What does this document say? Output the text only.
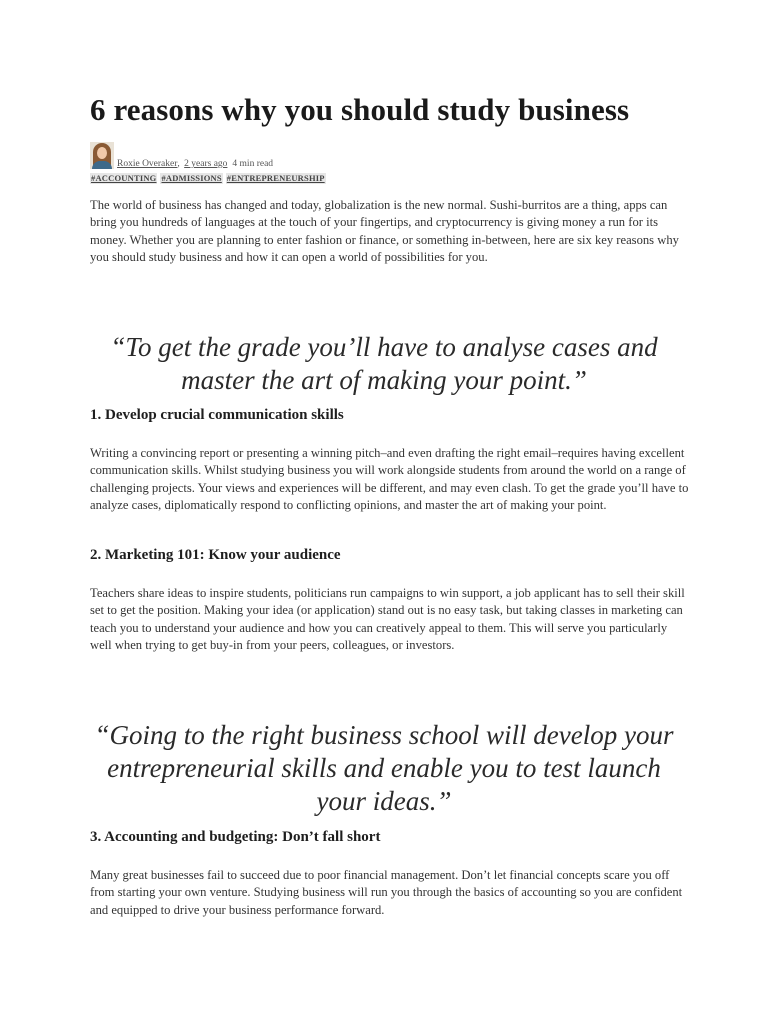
6 reasons why you should study business
Roxie Overaker , 2 years ago 4 min read
#ACCOUNTING #ADMISSIONS #ENTREPRENEURSHIP

The world of business has changed and today, globalization is the new normal. Sushi-burritos are a thing, apps can bring you hundreds of languages at the touch of your fingertips, and cryptocurrency is giving money a run for its money. Whether you are planning to enter fashion or finance, or something in-between, here are six key reasons why you should study business and how it can open a world of possibilities for you.

“To get the grade you’ll have to analyse cases and master the art of making your point.”

1. Develop crucial communication skills

Writing a convincing report or presenting a winning pitch–and even drafting the right email–requires having excellent communication skills. Whilst studying business you will work alongside students from around the world on a range of challenging projects. Your views and experiences will be different, and may even clash. To get the grade you’ll have to analyze cases, diplomatically respond to conflicting opinions, and master the art of making your point.

2. Marketing 101: Know your audience

Teachers share ideas to inspire students, politicians run campaigns to win support, a job applicant has to sell their skill set to get the position. Making your idea (or application) stand out is no easy task, but taking classes in marketing can teach you to understand your audience and how you can creatively appeal to them. This will serve you particularly well when trying to get buy-in from your peers, colleagues, or investors.

“Going to the right business school will develop your entrepreneurial skills and enable you to test launch your ideas.”

3. Accounting and budgeting: Don’t fall short

Many great businesses fail to succeed due to poor financial management. Don’t let financial concepts scare you off from starting your own venture. Studying business will run you through the basics of accounting so you are confident and equipped to drive your business performance forward.
